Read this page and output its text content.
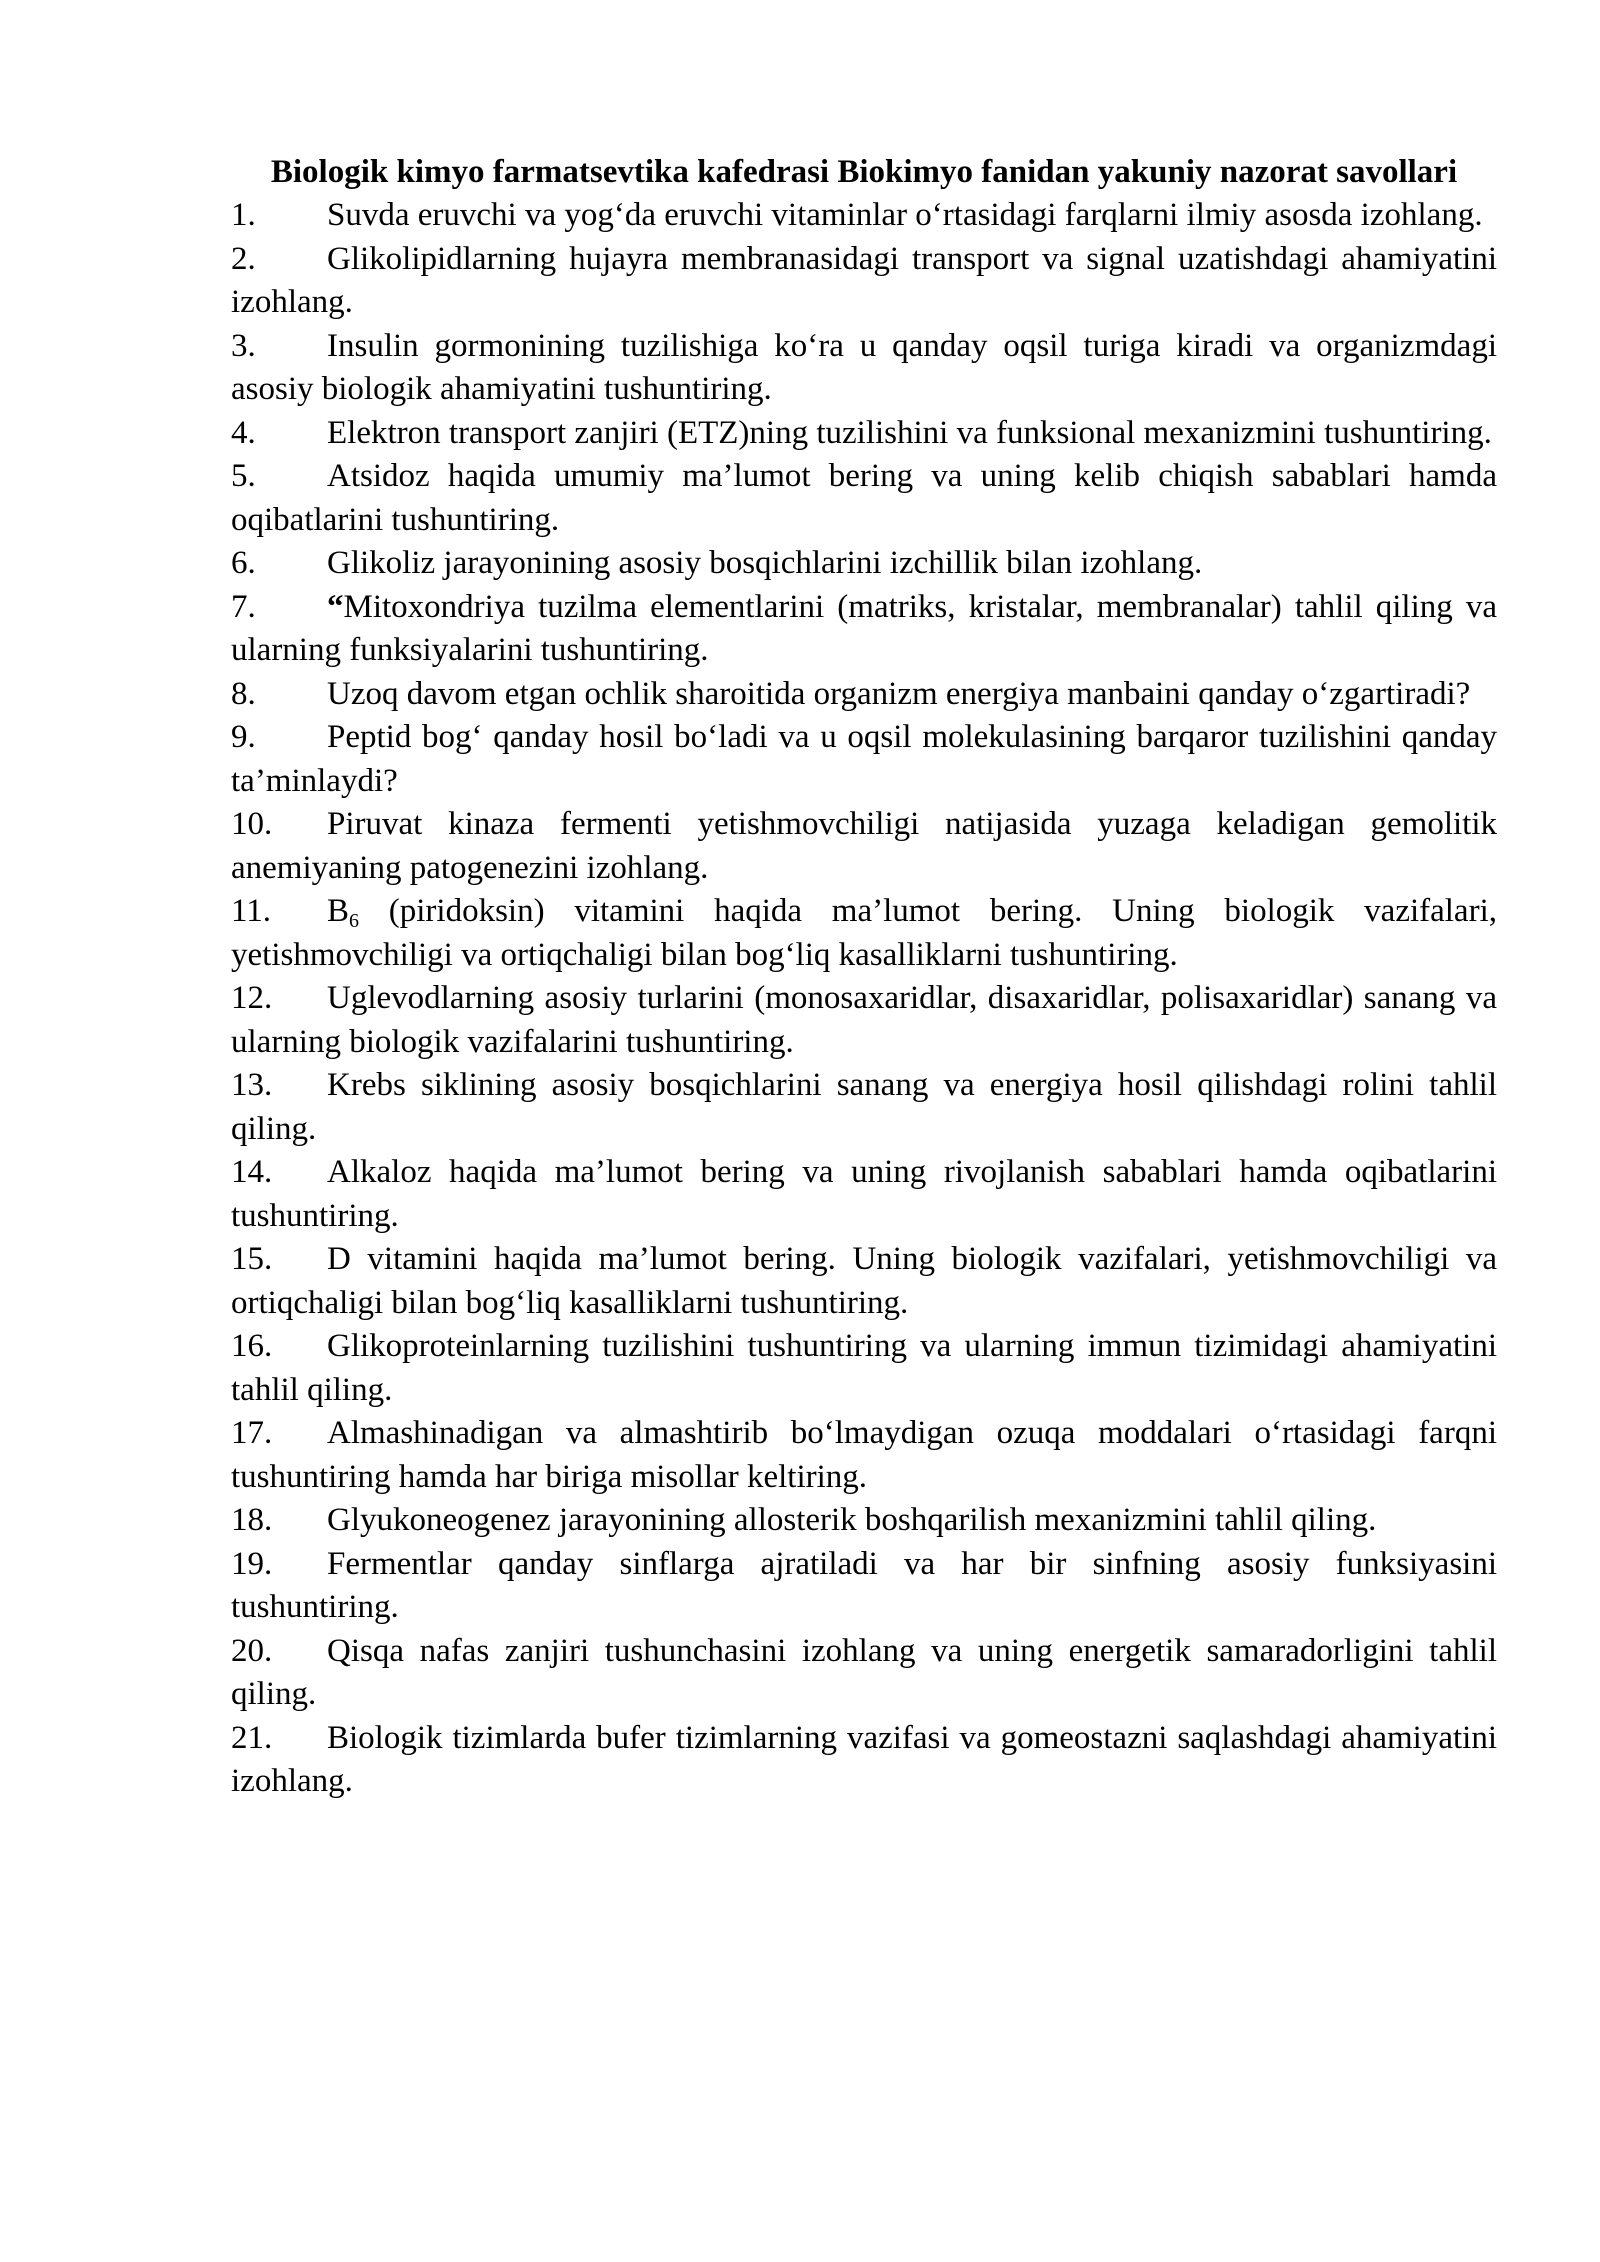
Biologik kimyo farmatsevtika kafedrasi Biokimyo fanidan yakuniy nazorat savollari

1. Suvda eruvchi va yog‘da eruvchi vitaminlar o‘rtasidagi farqlarni ilmiy asosda izohlang.
2. Glikolipidlarning hujayra membranasidagi transport va signal uzatishdagi ahamiyatini izohlang.
3. Insulin gormonining tuzilishiga ko‘ra u qanday oqsil turiga kiradi va organizmdagi asosiy biologik ahamiyatini tushuntiring.
4. Elektron transport zanjiri (ETZ)ning tuzilishini va funksional mexanizmini tushuntiring.
5. Atsidoz haqida umumiy ma’lumot bering va uning kelib chiqish sabablari hamda oqibatlarini tushuntiring.
6. Glikoliz jarayonining asosiy bosqichlarini izchillik bilan izohlang.
7. “Mitoxondriya tuzilma elementlarini (matriks, kristalar, membranalar) tahlil qiling va ularning funksiyalarini tushuntiring.
8. Uzoq davom etgan ochlik sharoitida organizm energiya manbaini qanday o‘zgartiradi?
9. Peptid bog‘ qanday hosil bo‘ladi va u oqsil molekulasining barqaror tuzilishini qanday ta’minlaydi?
10. Piruvat kinaza fermenti yetishmovchiligi natijasida yuzaga keladigan gemolitik anemiyaning patogenezini izohlang.
11. $B_6$ (piridoksin) vitamini haqida ma’lumot bering. Uning biologik vazifalari, yetishmovchiligi va ortiqchaligi bilan bog‘liq kasalliklarni tushuntiring.
12. Uglevodlarning asosiy turlarini (monosaxaridlar, disaxaridlar, polisaxaridlar) sanang va ularning biologik vazifalarini tushuntiring.
13. Krebs siklining asosiy bosqichlarini sanang va energiya hosil qilishdagi rolini tahlil qiling.
14. Alkaloz haqida ma’lumot bering va uning rivojlanish sabablari hamda oqibatlarini tushuntiring.
15. D vitamini haqida ma’lumot bering. Uning biologik vazifalari, yetishmovchiligi va ortiqchaligi bilan bog‘liq kasalliklarni tushuntiring.
16. Glikoproteinlarning tuzilishini tushuntiring va ularning immun tizimidagi ahamiyatini tahlil qiling.
17. Almashinadigan va almashtirib bo‘lmaydigan ozuqa moddalari o‘rtasidagi farqni tushuntiring hamda har biriga misollar keltiring.
18. Glyukoneogenez jarayonining allosterik boshqarilish mexanizmini tahlil qiling.
19. Fermentlar qanday sinflarga ajratiladi va har bir sinfning asosiy funksiyasini tushuntiring.
20. Qisqa nafas zanjiri tushunchasini izohlang va uning energetik samaradorligini tahlil qiling.
21. Biologik tizimlarda bufer tizimlarning vazifasi va gomeostazni saqlashdagi ahamiyatini izohlang.
